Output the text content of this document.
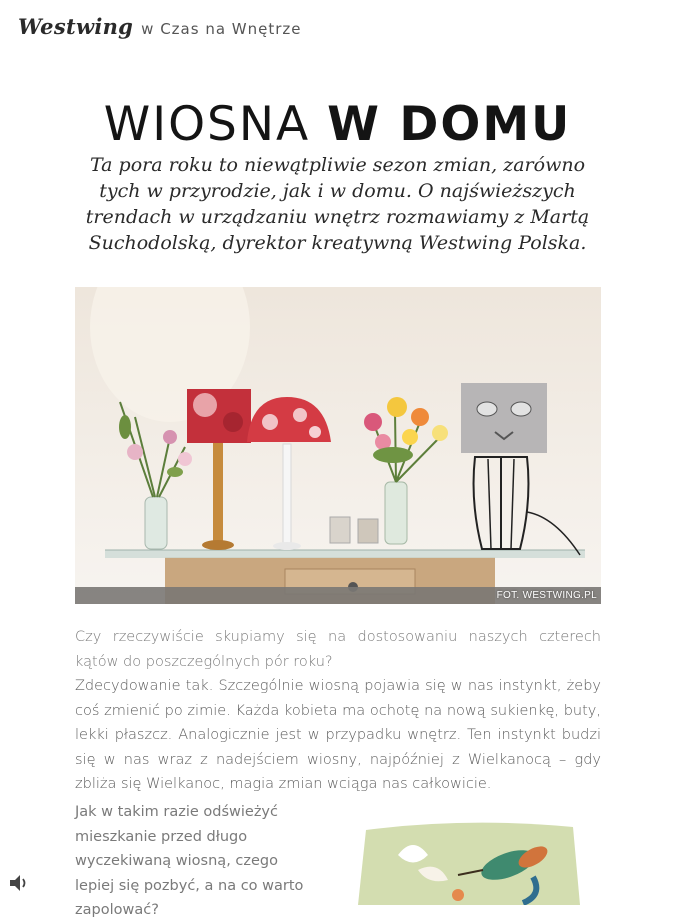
Westwing w Czas na Wnętrze
WIOSNA W DOMU
Ta pora roku to niewątpliwie sezon zmian, zarówno tych w przyrodzie, jak i w domu. O najświeższych trendach w urządzaniu wnętrz rozmawiamy z Martą Suchodolską, dyrektor kreatywną Westwing Polska.
FOT. WESTWING.PL

Czy rzeczywiście skupiamy się na dostosowaniu naszych czterech kątów do poszczególnych pór roku?

Zdecydowanie tak. Szczególnie wiosną pojawia się w nas instynkt, żeby coś zmienić po zimie. Każda kobieta ma ochotę na nową sukienkę, buty, lekki płaszcz. Analogicznie jest w przypadku wnętrz. Ten instynkt budzi się w nas wraz z nadejściem wiosny, najpóźniej z Wielkanocą – gdy zbliża się Wielkanoc, magia zmian wciąga nas całkowicie.

Jak w takim razie odświeżyć mieszkanie przed długo wyczekiwaną wiosną, czego lepiej się pozbyć, a na co warto zapolować?
